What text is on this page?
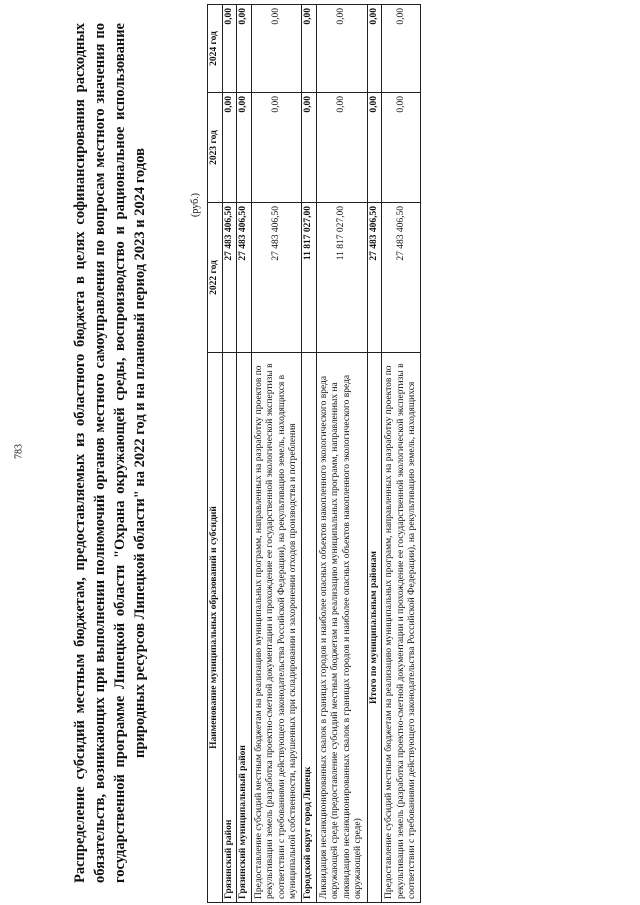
783	Распределение субсидий местным бюджетам, предоставляемых из областного бюджета в целях софинансирования расходных обязательств, возникающих при выполнении полномочий органов местного самоуправления по вопросам местного значения по государственной программе Липецкой области "Охрана окружающей среды, воспроизводство и рациональное использование природных ресурсов Липецкой области" на 2022 год и на плановый период 2023 и 2024 годов	(руб.)
Наименование муниципальных образований и субсидий	2022 год	2023 год	2024 год
Грязинский район	27 483 406,50	0,00	0,00
Грязинский муниципальный район	27 483 406,50	0,00	0,00
Предоставление субсидий местным бюджетам на реализацию муниципальных программ, направленных на разработку проектов по рекультивации земель (разработка проектно-сметной документации и прохождение ее государственной экологической экспертизы в соответствии с требованиями действующего законодательства Российской Федерации), на рекультивацию земель, находящихся в муниципальной собственности, нарушенных при складировании и захоронении отходов производства и потребления	27 483 406,50	0,00	0,00
Городской округ город Липецк	11 817 027,00	0,00	0,00
Ликвидация несанкционированных свалок в границах городов и наиболее опасных объектов накопленного экологического вреда окружающей среде (предоставление субсидий местным бюджетам на реализацию муниципальных программ, направленных на ликвидацию несанкционированных свалок в границах городов и наиболее опасных объектов накопленного экологического вреда окружающей среде)	11 817 027,00	0,00	0,00
Итого по муниципальным районам	27 483 406,50	0,00	0,00
Предоставление субсидий местным бюджетам на реализацию муниципальных программ, направленных на разработку проектов по рекультивации земель (разработка проектно-сметной документации и прохождение ее государственной экологической экспертизы в соответствии с требованиями действующего законодательства Российской Федерации), на рекультивацию земель, находящихся	27 483 406,50	0,00	0,00
